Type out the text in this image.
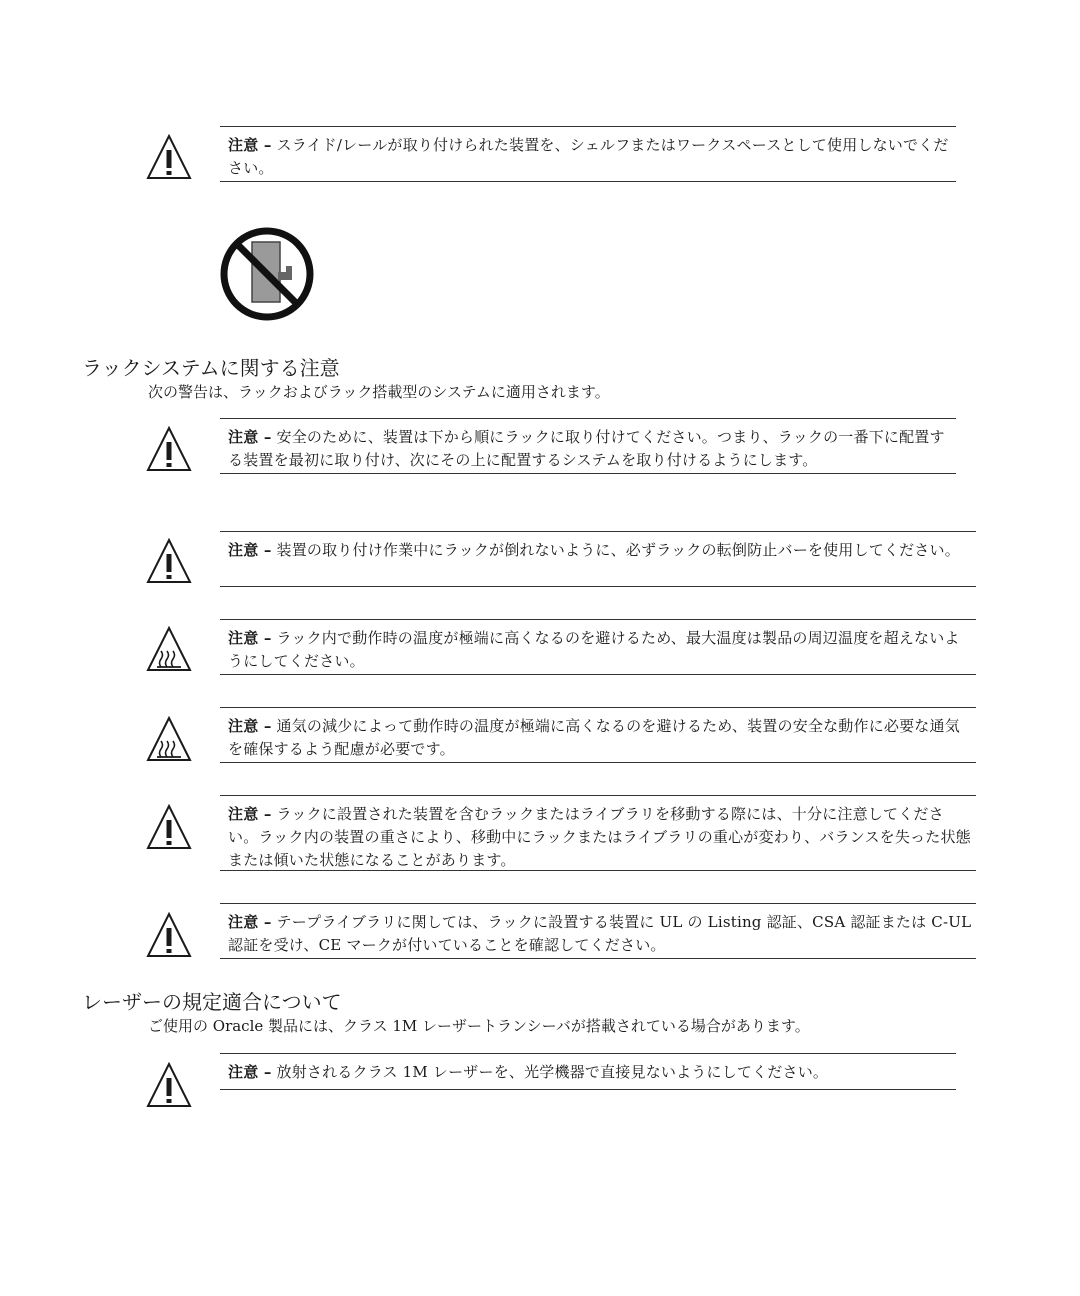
注意 – スライド/レールが取り付けられた装置を、シェルフまたはワークスペースとして使用しないでください。
ラックシステムに関する注意
次の警告は、ラックおよびラック搭載型のシステムに適用されます。
注意 – 安全のために、装置は下から順にラックに取り付けてください。つまり、ラックの一番下に配置する装置を最初に取り付け、次にその上に配置するシステムを取り付けるようにします。
注意 – 装置の取り付け作業中にラックが倒れないように、必ずラックの転倒防止バーを使用してください。
注意 – ラック内で動作時の温度が極端に高くなるのを避けるため、最大温度は製品の周辺温度を超えないようにしてください。
注意 – 通気の減少によって動作時の温度が極端に高くなるのを避けるため、装置の安全な動作に必要な通気を確保するよう配慮が必要です。
注意 – ラックに設置された装置を含むラックまたはライブラリを移動する際には、十分に注意してください。ラック内の装置の重さにより、移動中にラックまたはライブラリの重心が変わり、バランスを失った状態または傾いた状態になることがあります。
注意 – テープライブラリに関しては、ラックに設置する装置に UL の Listing 認証、CSA 認証または C-UL 認証を受け、CE マークが付いていることを確認してください。
レーザーの規定適合について
ご使用の Oracle 製品には、クラス 1M レーザートランシーバが搭載されている場合があります。
注意 – 放射されるクラス 1M レーザーを、光学機器で直接見ないようにしてください。
